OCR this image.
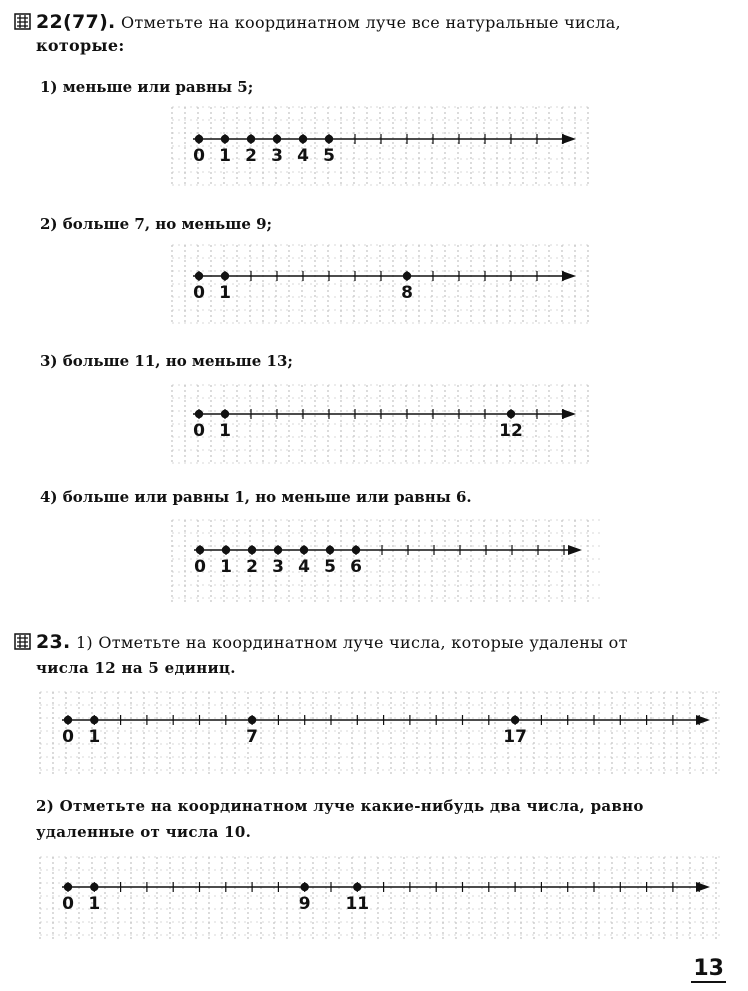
22(77). Отметьте на координатном луче все натуральные числа,
которые:
1) меньше или равны 5;
0 1 2 3 4 5
2) больше 7, но меньше 9;
0 1	8
3) больше 11, но меньше 13;
0 1	12
4) больше или равны 1, но меньше или равны 6.
0 1 2 3 4 5 6
23. 1) Отметьте на координатном луче числа, которые удалены от
числа 12 на 5 единиц.
0 1	7	17
2) Отметьте на координатном луче какие-нибудь два числа, равно
удаленные от числа 10.
0 1	9 11
13
